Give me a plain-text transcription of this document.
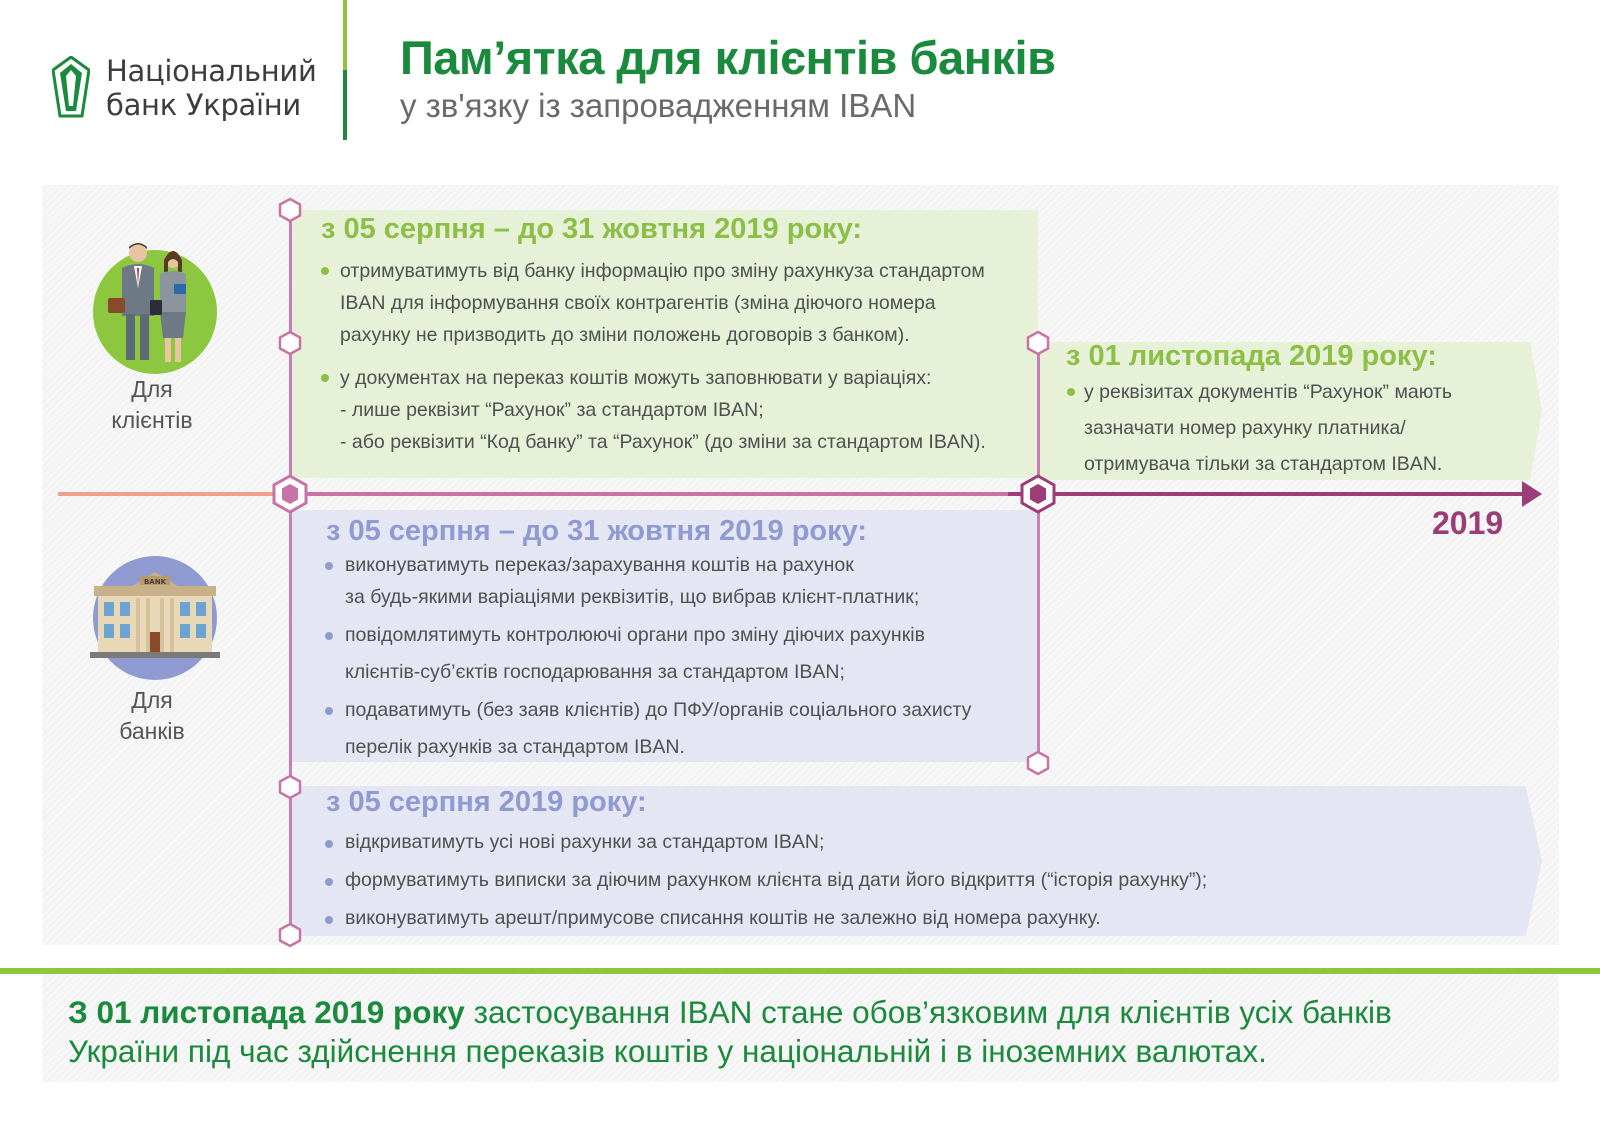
Національний
банк України
Пам’ятка для клієнтів банків
у зв'язку із запровадженням IBAN
2019
Для
клієнтів
BANK
Для
банків
з 05 серпня – до 31 жовтня 2019 року:
отримуватимуть від банку інформацію про зміну рахункуза стандартом
IBAN для інформування своїх контрагентів (зміна діючого номера
рахунку не призводить до зміни положень договорів з банком).
у документах на переказ коштів можуть заповнювати у варіаціях:
- лише реквізит “Рахунок” за стандартом IBAN;
- або реквізити “Код банку” та “Рахунок” (до зміни за стандартом IBAN).
з 01 листопада 2019 року:
у реквізитах документів “Рахунок” мають
зазначати номер рахунку платника/
отримувача тільки за стандартом IBAN.
з 05 серпня – до 31 жовтня 2019 року:
виконуватимуть переказ/зарахування коштів на рахунок
за будь-якими варіаціями реквізитів, що вибрав клієнт-платник;
повідомлятимуть контролюючі органи про зміну діючих рахунків
клієнтів-суб’єктів господарювання за стандартом IBAN;
подаватимуть (без заяв клієнтів) до ПФУ/органів соціального захисту
перелік рахунків за стандартом IBAN.
з 05 серпня 2019 року:
відкриватимуть усі нові рахунки за стандартом IBAN;
формуватимуть виписки за діючим рахунком клієнта від дати його відкриття (“історія рахунку”);
виконуватимуть арешт/примусове списання коштів не залежно від номера рахунку.
З 01 листопада 2019 року застосування IBAN стане обов’язковим для клієнтів усіх банків
України під час здійснення переказів коштів у національній і в іноземних валютах.
